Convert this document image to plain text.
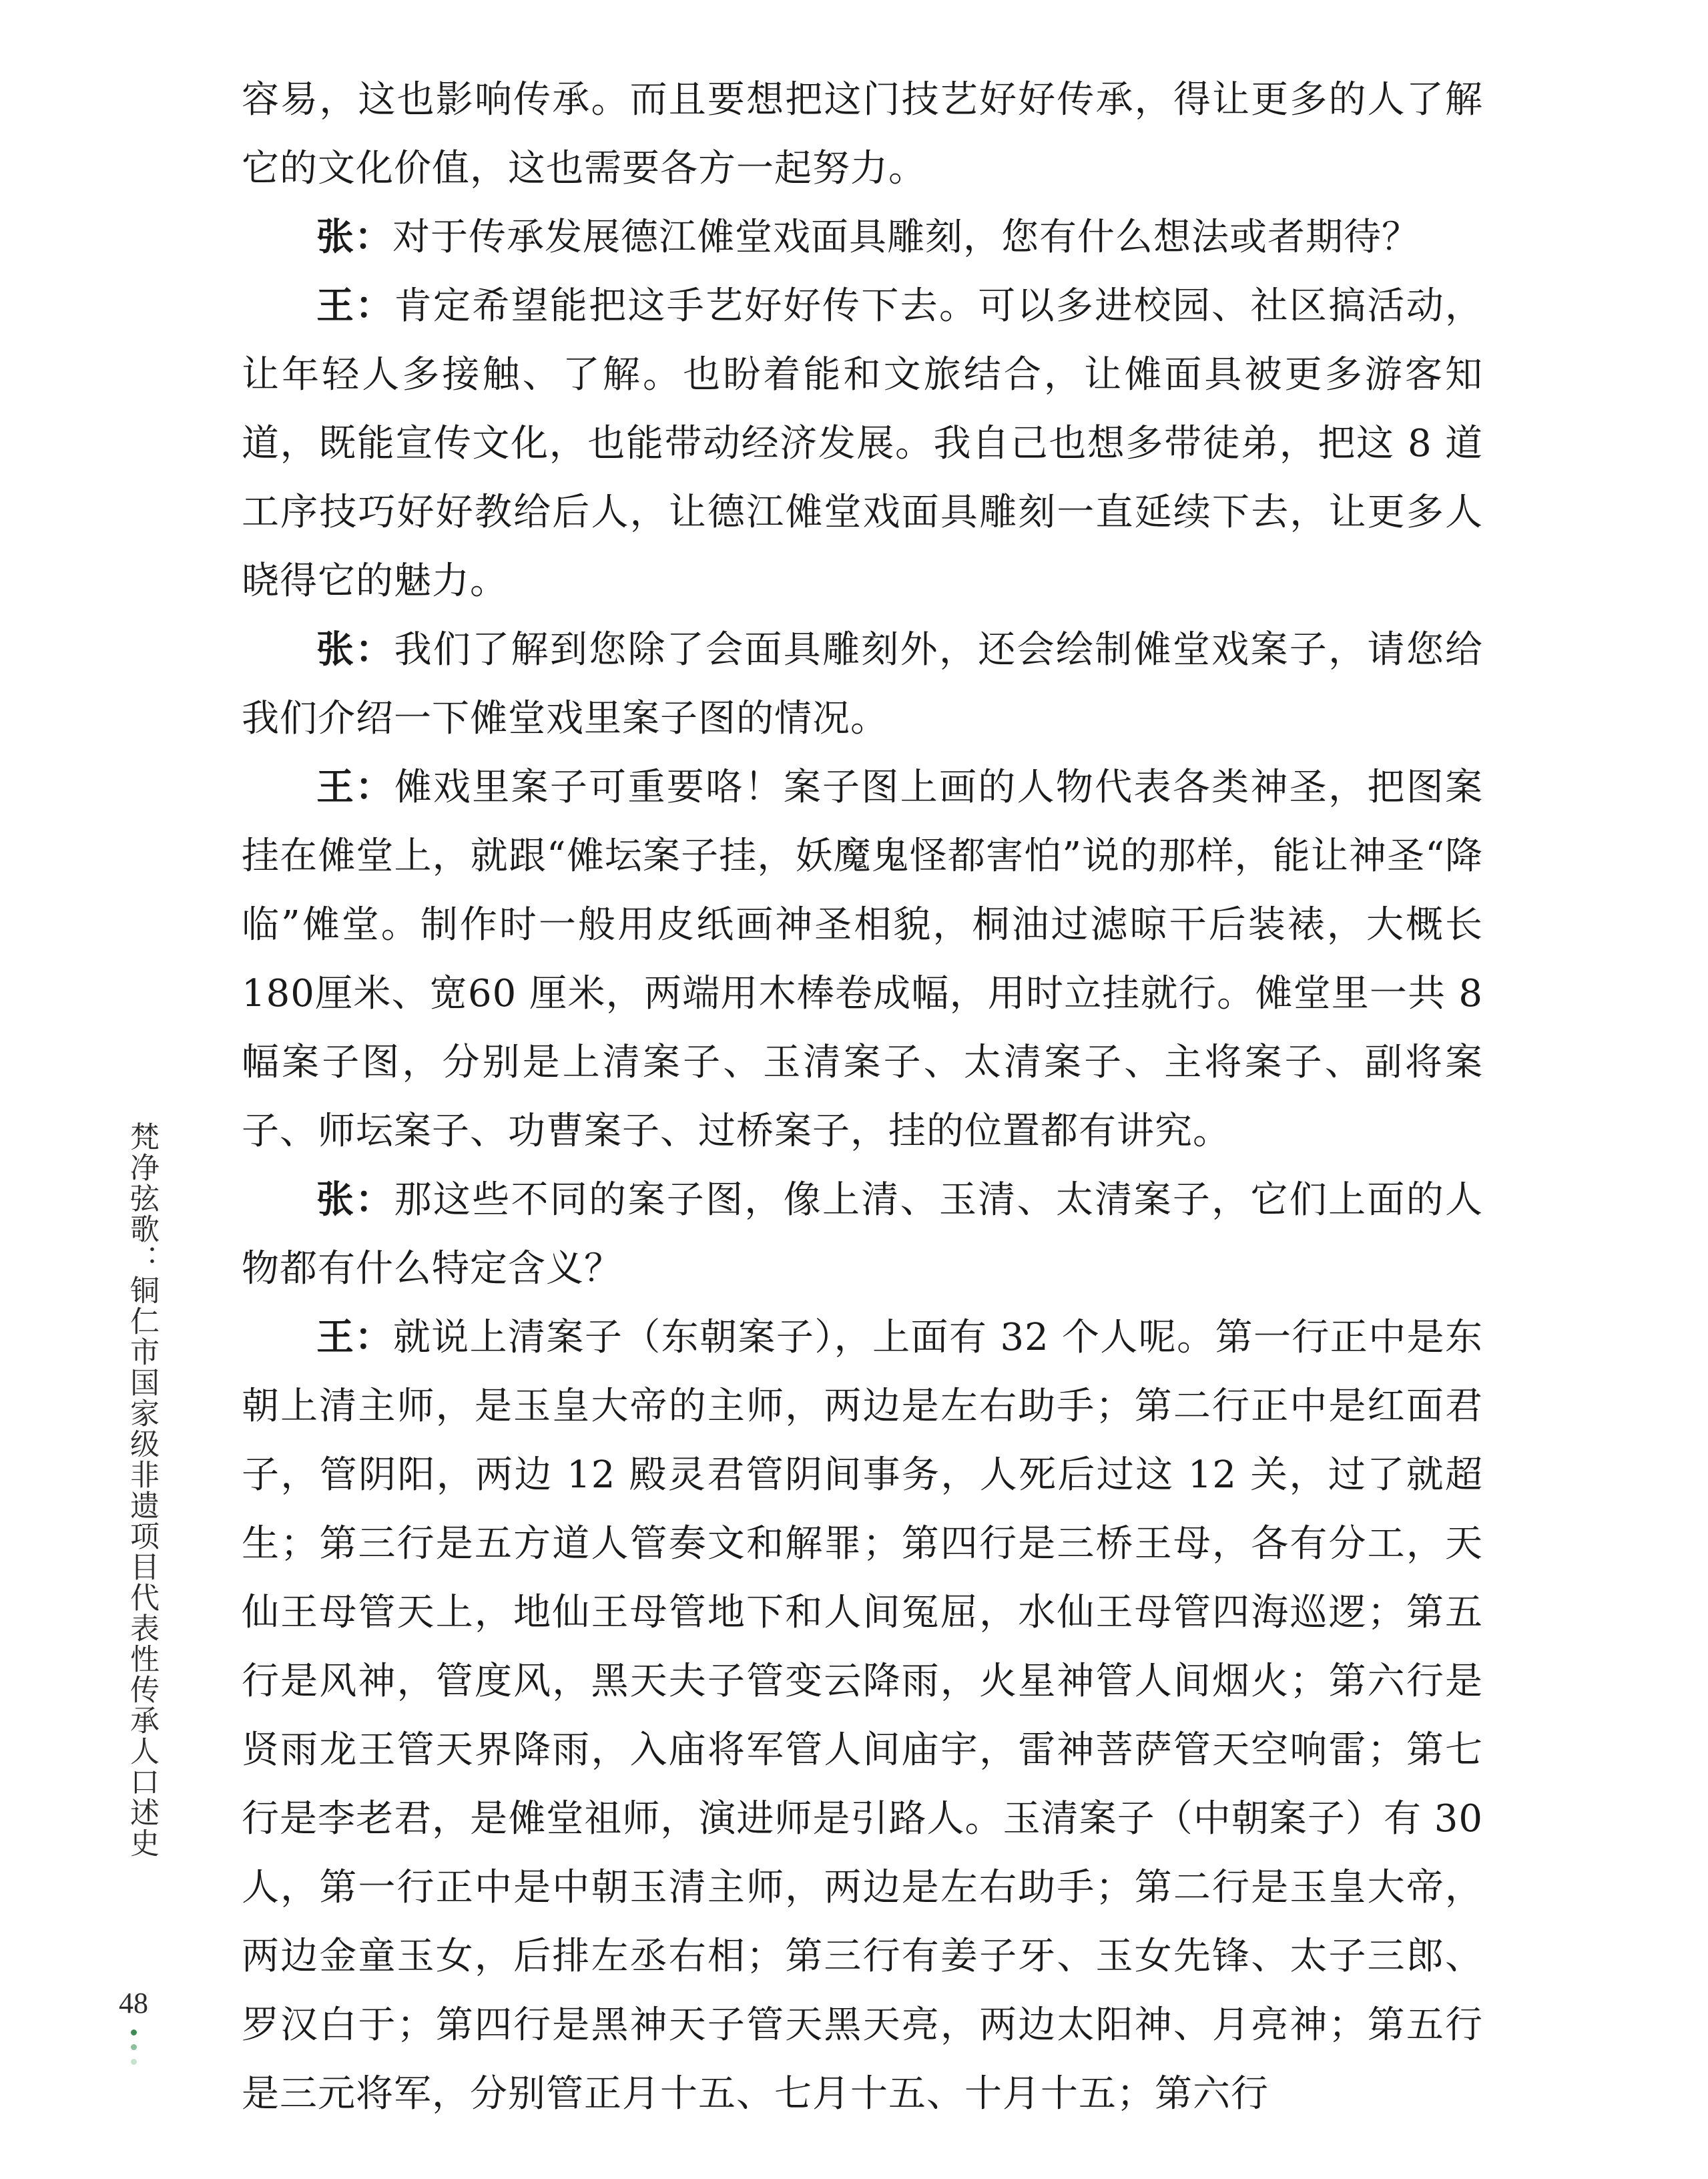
容易，这也影响传承。而且要想把这门技艺好好传承，得让更多的人了解它的文化价值，这也需要各方一起努力。

张：对于传承发展德江傩堂戏面具雕刻，您有什么想法或者期待？

王：肯定希望能把这手艺好好传下去。可以多进校园、社区搞活动，让年轻人多接触、了解。也盼着能和文旅结合，让傩面具被更多游客知道，既能宣传文化，也能带动经济发展。我自己也想多带徒弟，把这 8 道工序技巧好好教给后人，让德江傩堂戏面具雕刻一直延续下去，让更多人晓得它的魅力。

张：我们了解到您除了会面具雕刻外，还会绘制傩堂戏案子，请您给我们介绍一下傩堂戏里案子图的情况。

王：傩戏里案子可重要咯！案子图上画的人物代表各类神圣，把图案挂在傩堂上，就跟“傩坛案子挂，妖魔鬼怪都害怕”说的那样，能让神圣“降临”傩堂。制作时一般用皮纸画神圣相貌，桐油过滤晾干后装裱，大概长180厘米、宽60 厘米，两端用木棒卷成幅，用时立挂就行。傩堂里一共 8 幅案子图，分别是上清案子、玉清案子、太清案子、主将案子、副将案子、师坛案子、功曹案子、过桥案子，挂的位置都有讲究。

张：那这些不同的案子图，像上清、玉清、太清案子，它们上面的人物都有什么特定含义？

王：就说上清案子（东朝案子），上面有 32 个人呢。第一行正中是东朝上清主师，是玉皇大帝的主师，两边是左右助手；第二行正中是红面君子，管阴阳，两边 12 殿灵君管阴间事务，人死后过这 12 关，过了就超生；第三行是五方道人管奏文和解罪；第四行是三桥王母，各有分工，天仙王母管天上，地仙王母管地下和人间冤屈，水仙王母管四海巡逻；第五行是风神，管度风，黑天夫子管变云降雨，火星神管人间烟火；第六行是贤雨龙王管天界降雨，入庙将军管人间庙宇，雷神菩萨管天空响雷；第七行是李老君，是傩堂祖师，演进师是引路人。玉清案子（中朝案子）有 30 人，第一行正中是中朝玉清主师，两边是左右助手；第二行是玉皇大帝，两边金童玉女，后排左丞右相；第三行有姜子牙、玉女先锋、太子三郎、罗汉白于；第四行是黑神天子管天黑天亮，两边太阳神、月亮神；第五行是三元将军，分别管正月十五、七月十五、十月十五；第六行

梵净弦歌：铜仁市国家级非遗项目代表性传承人口述史
48
